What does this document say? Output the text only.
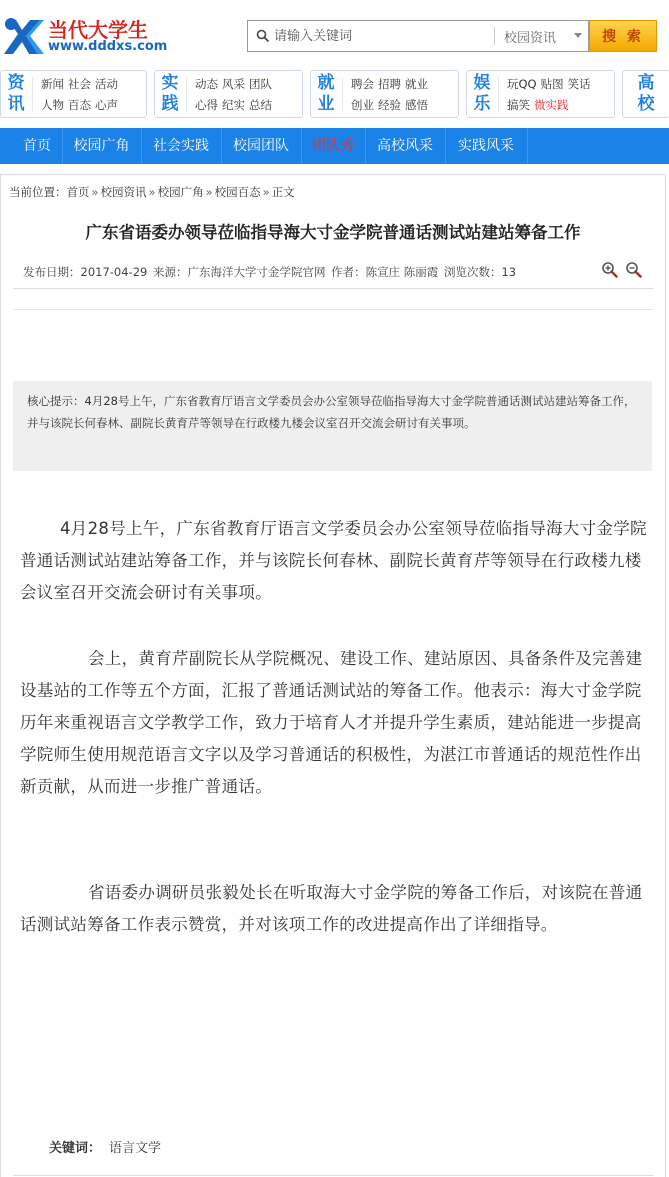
当代大学生
www.dddxs.com
请输入关键词
校园资讯	搜 索
资讯
新闻 社会 活动
人物 百态 心声
实践
动态 风采 团队
心得 纪实 总结
就业
聘会 招聘 就业
创业 经验 感悟
娱乐
玩QQ 贴图 笑话
搞笑 微实践
高校
首页	校园广角	社会实践	校园团队	团队秀	高校风采	实践风采
当前位置：首页 » 校园资讯 » 校园广角 » 校园百态 » 正文
广东省语委办领导莅临指导海大寸金学院普通话测试站建站筹备工作
发布日期：2017-04-29 来源：广东海洋大学寸金学院官网 作者：陈宣庄 陈丽霞 浏览次数：13
核心提示：4月28号上午，广东省教育厅语言文学委员会办公室领导莅临指导海大寸金学院普通话测试站建站筹备工作，并与该院长何春林、副院长黄育芹等领导在行政楼九楼会议室召开交流会研讨有关事项。

4月28号上午，广东省教育厅语言文学委员会办公室领导莅临指导海大寸金学院普通话测试站建站筹备工作，并与该院长何春林、副院长黄育芹等领导在行政楼九楼会议室召开交流会研讨有关事项。

会上，黄育芹副院长从学院概况、建设工作、建站原因、具备条件及完善建设基站的工作等五个方面，汇报了普通话测试站的筹备工作。他表示：海大寸金学院历年来重视语言文学教学工作，致力于培育人才并提升学生素质，建站能进一步提高学院师生使用规范语言文字以及学习普通话的积极性，为湛江市普通话的规范性作出新贡献，从而进一步推广普通话。

省语委办调研员张毅处长在听取海大寸金学院的筹备工作后，对该院在普通话测试站筹备工作表示赞赏，并对该项工作的改进提高作出了详细指导。

关键词： 语言文学
